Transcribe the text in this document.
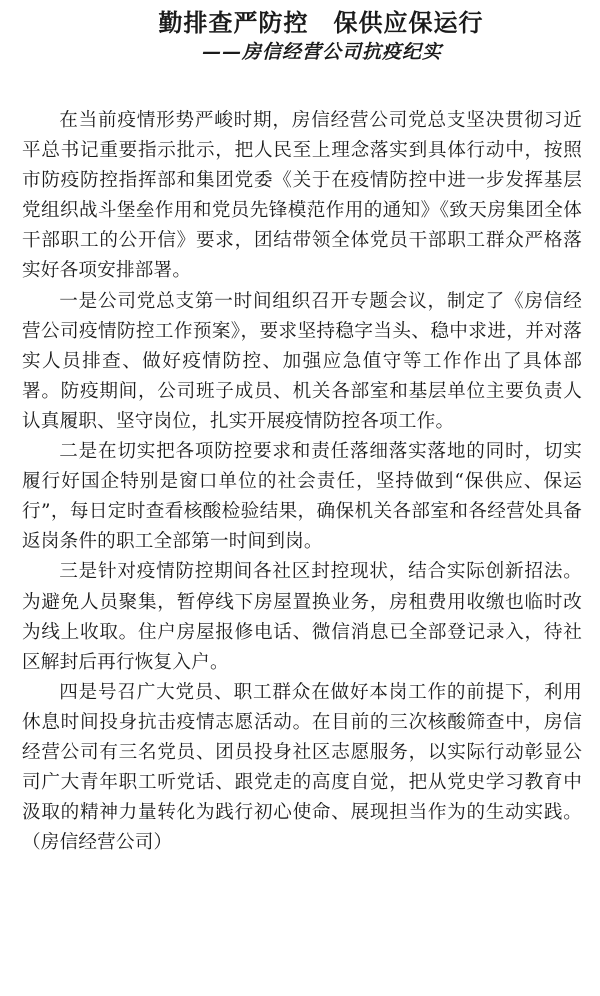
勤排查严防控　保供应保运行
——房信经营公司抗疫纪实

在当前疫情形势严峻时期，房信经营公司党总支坚决贯彻习近平总书记重要指示批示，把人民至上理念落实到具体行动中，按照市防疫防控指挥部和集团党委《关于在疫情防控中进一步发挥基层党组织战斗堡垒作用和党员先锋模范作用的通知》《致天房集团全体干部职工的公开信》要求，团结带领全体党员干部职工群众严格落实好各项安排部署。

一是公司党总支第一时间组织召开专题会议，制定了《房信经营公司疫情防控工作预案》，要求坚持稳字当头、稳中求进，并对落实人员排查、做好疫情防控、加强应急值守等工作作出了具体部署。防疫期间，公司班子成员、机关各部室和基层单位主要负责人认真履职、坚守岗位，扎实开展疫情防控各项工作。

二是在切实把各项防控要求和责任落细落实落地的同时，切实履行好国企特别是窗口单位的社会责任，坚持做到“保供应、保运行”，每日定时查看核酸检验结果，确保机关各部室和各经营处具备返岗条件的职工全部第一时间到岗。

三是针对疫情防控期间各社区封控现状，结合实际创新招法。为避免人员聚集，暂停线下房屋置换业务，房租费用收缴也临时改为线上收取。住户房屋报修电话、微信消息已全部登记录入，待社区解封后再行恢复入户。

四是号召广大党员、职工群众在做好本岗工作的前提下，利用休息时间投身抗击疫情志愿活动。在目前的三次核酸筛查中，房信经营公司有三名党员、团员投身社区志愿服务，以实际行动彰显公司广大青年职工听党话、跟党走的高度自觉，把从党史学习教育中汲取的精神力量转化为践行初心使命、展现担当作为的生动实践。（房信经营公司）
